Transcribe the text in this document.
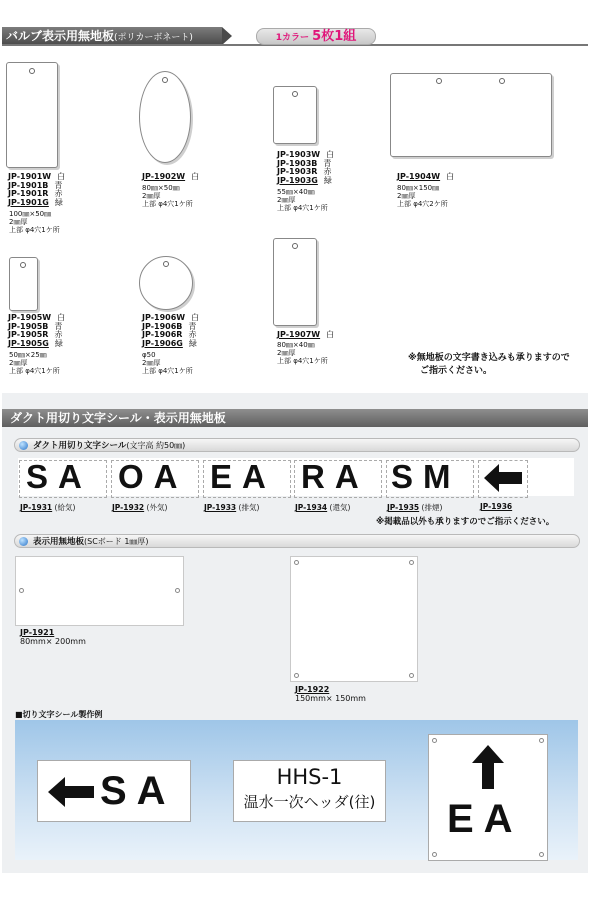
バルブ表示用無地板(ポリカーボネート)	1カラー 5枚1組
JP-1901W 白
JP-1901B 青
JP-1901R 赤
JP-1901G 緑
100㎜×50㎜
2㎜厚
上部 φ4穴1ケ所
JP-1902W 白
80㎜×50㎜
2㎜厚
上部 φ4穴1ケ所
JP-1903W 白
JP-1903B 青
JP-1903R 赤
JP-1903G 緑
55㎜×40㎜
2㎜厚
上部 φ4穴1ケ所
JP-1904W 白
80㎜×150㎜
2㎜厚
上部 φ4穴2ケ所
JP-1905W 白
JP-1905B 青
JP-1905R 赤
JP-1905G 緑
50㎜×25㎜
2㎜厚
上部 φ4穴1ケ所
JP-1906W 白
JP-1906B 青
JP-1906R 赤
JP-1906G 緑
φ50
2㎜厚
上部 φ4穴1ケ所
JP-1907W 白
80㎜×40㎜
2㎜厚
上部 φ4穴1ケ所	※無地板の文字書き込みも承りますので
ご指示ください。
ダクト用切り文字シール・表示用無地板
ダクト用切り文字シール(文字高 約50㎜)
SA OA EA RA SM
JP-1931 (給気)	JP-1932 (外気)	JP-1933 (排気)	JP-1934 (還気)	JP-1935 (排煙)	JP-1936
※掲載品以外も承りますのでご指示ください。
表示用無地板(SCボード 1㎜厚)
JP-1921
80mm× 200mm
JP-1922
150mm× 150mm
■切り文字シール製作例
SA	HHS-1
温水一次ヘッダ(往) EA
